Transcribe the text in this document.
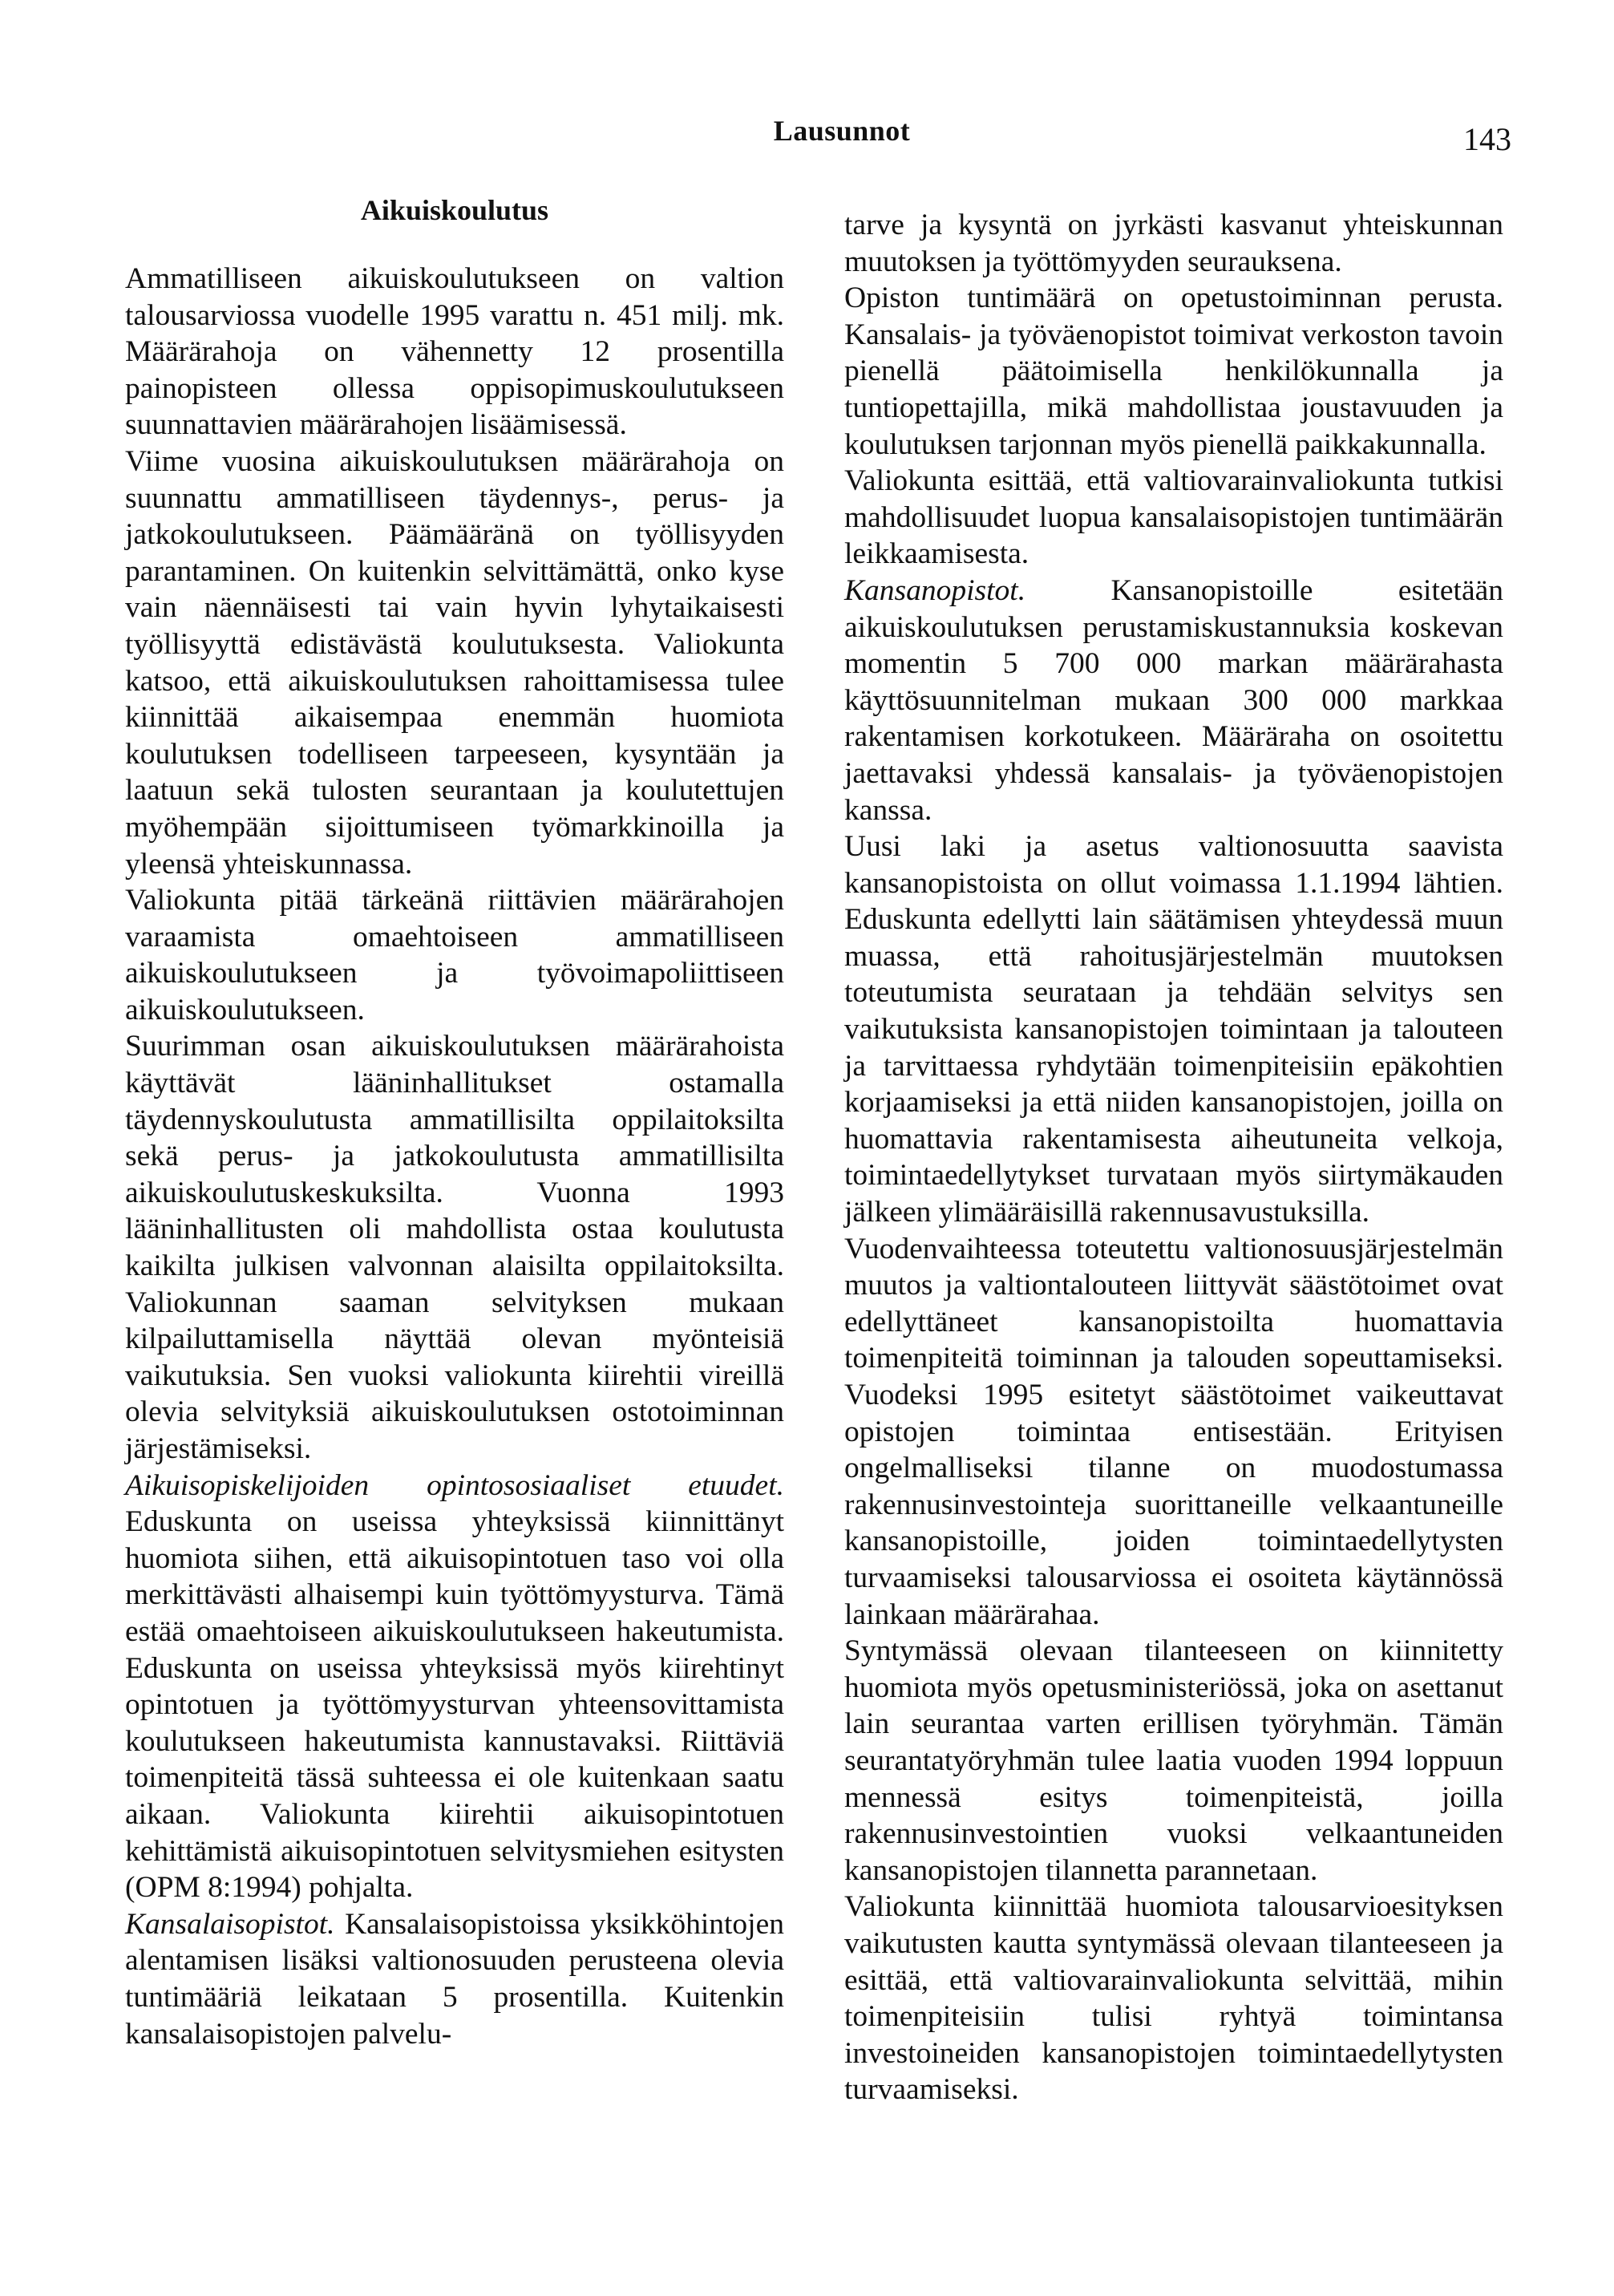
Lausunnot	143
Aikuiskoulutus

Ammatilliseen aikuiskoulutukseen on valtion talousarviossa vuodelle 1995 varattu n. 451 milj. mk. Määrärahoja on vähennetty 12 prosentilla painopisteen ollessa oppisopimuskoulutukseen suunnattavien määrärahojen lisäämisessä.

Viime vuosina aikuiskoulutuksen määrärahoja on suunnattu ammatilliseen täydennys-, perus- ja jatkokoulutukseen. Päämääränä on työllisyyden parantaminen. On kuitenkin selvittämättä, onko kyse vain näennäisesti tai vain hyvin lyhytaikaisesti työllisyyttä edistävästä koulutuksesta. Valiokunta katsoo, että aikuiskoulutuksen rahoittamisessa tulee kiinnittää aikaisempaa enemmän huomiota koulutuksen todelliseen tarpeeseen, kysyntään ja laatuun sekä tulosten seurantaan ja koulutettujen myöhempään sijoittumiseen työmarkkinoilla ja yleensä yhteiskunnassa.

Valiokunta pitää tärkeänä riittävien määrärahojen varaamista omaehtoiseen ammatilliseen aikuiskoulutukseen ja työvoimapoliittiseen aikuiskoulutukseen.

Suurimman osan aikuiskoulutuksen määrärahoista käyttävät lääninhallitukset ostamalla täydennyskoulutusta ammatillisilta oppilaitoksilta sekä perus- ja jatkokoulutusta ammatillisilta aikuiskoulutuskeskuksilta. Vuonna 1993 lääninhallitusten oli mahdollista ostaa koulutusta kaikilta julkisen valvonnan alaisilta oppilaitoksilta. Valiokunnan saaman selvityksen mukaan kilpailuttamisella näyttää olevan myönteisiä vaikutuksia. Sen vuoksi valiokunta kiirehtii vireillä olevia selvityksiä aikuiskoulutuksen ostotoiminnan järjestämiseksi.

Aikuisopiskelijoiden opintososiaaliset etuudet. Eduskunta on useissa yhteyksissä kiinnittänyt huomiota siihen, että aikuisopintotuen taso voi olla merkittävästi alhaisempi kuin työttömyysturva. Tämä estää omaehtoiseen aikuiskoulutukseen hakeutumista. Eduskunta on useissa yhteyksissä myös kiirehtinyt opintotuen ja työttömyysturvan yhteensovittamista koulutukseen hakeutumista kannustavaksi. Riittäviä toimenpiteitä tässä suhteessa ei ole kuitenkaan saatu aikaan. Valiokunta kiirehtii aikuisopintotuen kehittämistä aikuisopintotuen selvitysmiehen esitysten (OPM 8:1994) pohjalta.

Kansalaisopistot. Kansalaisopistoissa yksikköhintojen alentamisen lisäksi valtionosuuden perusteena olevia tuntimääriä leikataan 5 prosentilla. Kuitenkin kansalaisopistojen palvelu-

tarve ja kysyntä on jyrkästi kasvanut yhteiskunnan muutoksen ja työttömyyden seurauksena.

Opiston tuntimäärä on opetustoiminnan perusta. Kansalais- ja työväenopistot toimivat verkoston tavoin pienellä päätoimisella henkilökunnalla ja tuntiopettajilla, mikä mahdollistaa joustavuuden ja koulutuksen tarjonnan myös pienellä paikkakunnalla.

Valiokunta esittää, että valtiovarainvaliokunta tutkisi mahdollisuudet luopua kansalaisopistojen tuntimäärän leikkaamisesta.

Kansanopistot.	Kansanopistoille esitetään aikuiskoulutuksen perustamiskustannuksia koskevan momentin 5 700 000 markan määrärahasta käyttösuunnitelman mukaan 300 000 markkaa rakentamisen korkotukeen. Määräraha on osoitettu jaettavaksi yhdessä kansalais- ja työväenopistojen kanssa.

Uusi laki ja asetus valtionosuutta saavista kansanopistoista on ollut voimassa 1.1.1994 lähtien. Eduskunta edellytti lain säätämisen yhteydessä muun muassa, että rahoitusjärjestelmän muutoksen toteutumista seurataan ja tehdään selvitys sen vaikutuksista kansanopistojen toimintaan ja talouteen ja tarvittaessa ryhdytään toimenpiteisiin epäkohtien korjaamiseksi ja että niiden kansanopistojen, joilla on huomattavia rakentamisesta aiheutuneita velkoja, toimintaedellytykset turvataan myös siirtymäkauden jälkeen ylimääräisillä rakennusavustuksilla.

Vuodenvaihteessa toteutettu valtionosuusjärjestelmän muutos ja valtiontalouteen liittyvät säästötoimet ovat edellyttäneet kansanopistoilta huomattavia toimenpiteitä toiminnan ja talouden sopeuttamiseksi. Vuodeksi 1995 esitetyt säästötoimet vaikeuttavat opistojen toimintaa entisestään. Erityisen ongelmalliseksi tilanne on muodostumassa rakennusinvestointeja suorittaneille velkaantuneille kansanopistoille, joiden toimintaedellytysten turvaamiseksi talousarviossa ei osoiteta käytännössä lainkaan määrärahaa.

Syntymässä olevaan tilanteeseen on kiinnitetty huomiota myös opetusministeriössä, joka on asettanut lain seurantaa varten erillisen työryhmän. Tämän seurantatyöryhmän tulee laatia vuoden 1994 loppuun mennessä esitys toimenpiteistä, joilla rakennusinvestointien vuoksi velkaantuneiden kansanopistojen tilannetta parannetaan.

Valiokunta kiinnittää huomiota talousarvioesityksen vaikutusten kautta syntymässä olevaan tilanteeseen ja esittää, että valtiovarainvaliokunta selvittää, mihin toimenpiteisiin tulisi ryhtyä toimintansa investoineiden kansanopistojen toimintaedellytysten turvaamiseksi.
